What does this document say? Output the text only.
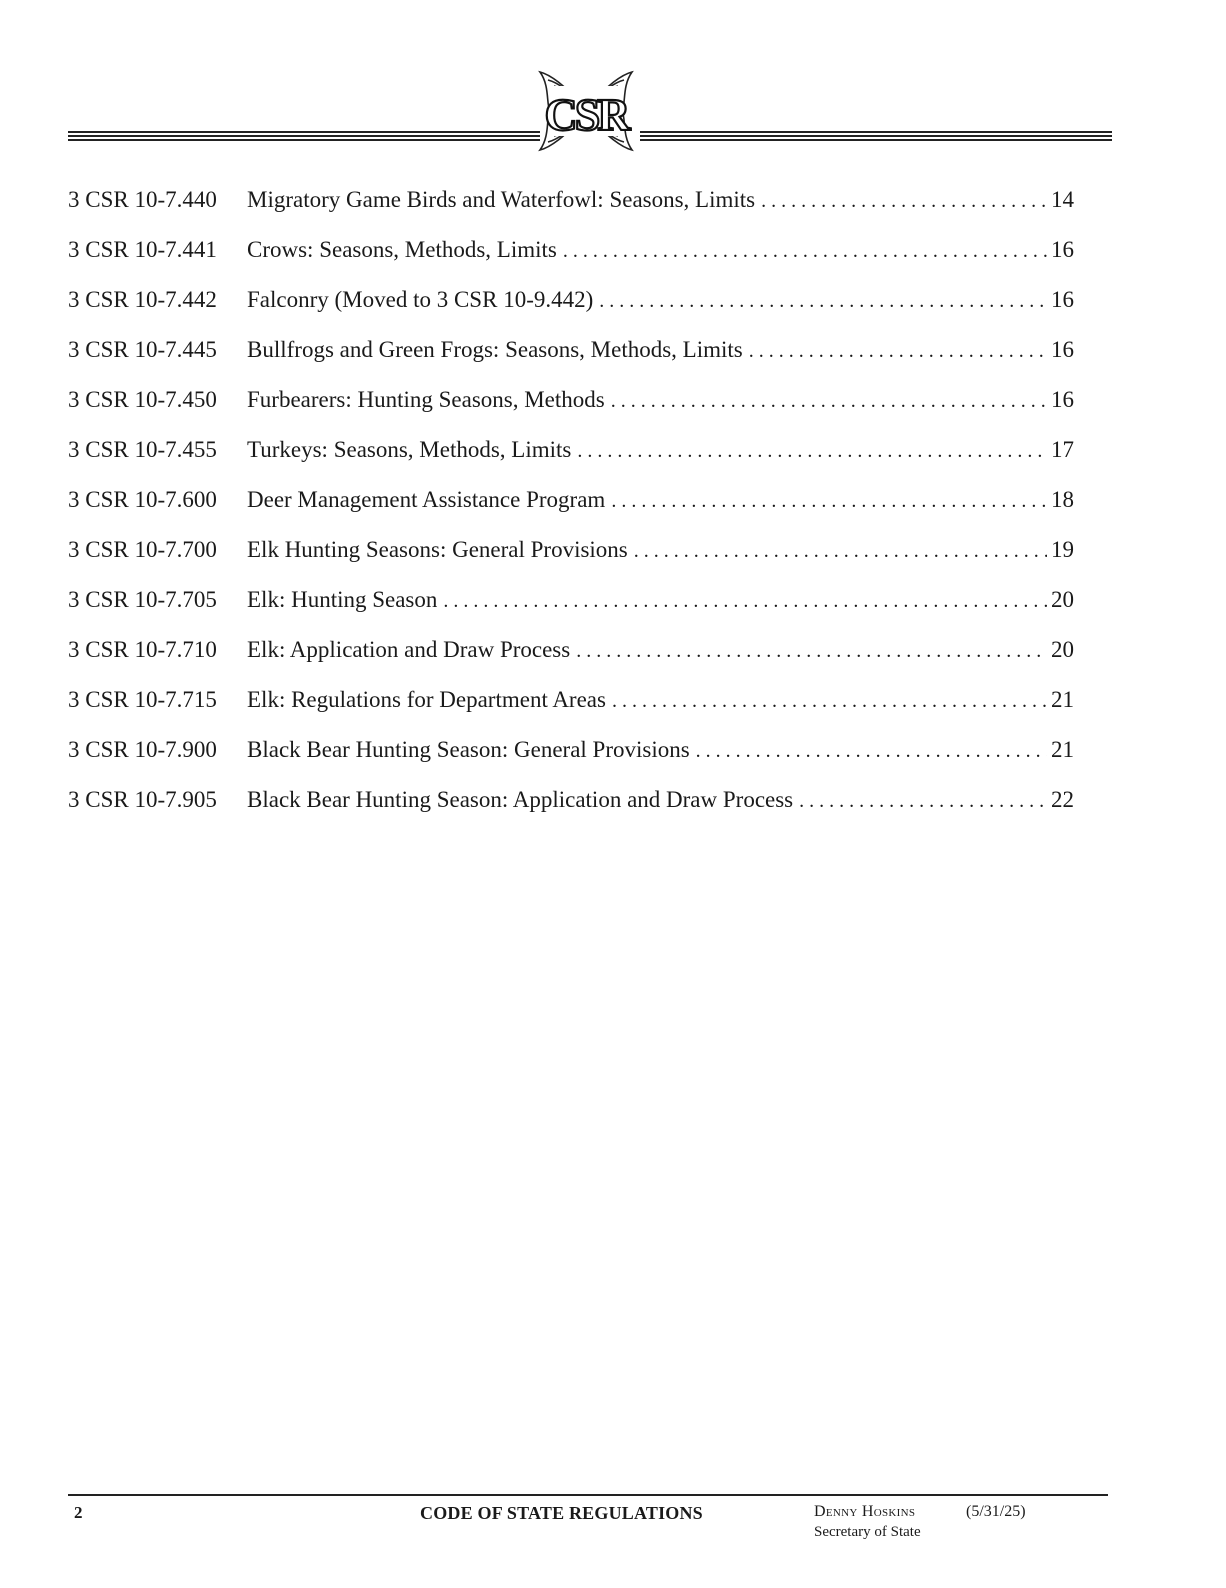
CSR
3 CSR 10-7.440	Migratory Game Birds and Waterfowl: Seasons, Limits . . .	14
3 CSR 10-7.441	Crows: Seasons, Methods, Limits . . .	16
3 CSR 10-7.442	Falconry (Moved to 3 CSR 10-9.442) . . .	16
3 CSR 10-7.445	Bullfrogs and Green Frogs: Seasons, Methods, Limits . . .	16
3 CSR 10-7.450	Furbearers: Hunting Seasons, Methods . . .	16
3 CSR 10-7.455	Turkeys: Seasons, Methods, Limits . . .	17
3 CSR 10-7.600	Deer Management Assistance Program . . .	18
3 CSR 10-7.700	Elk Hunting Seasons: General Provisions . . .	19
3 CSR 10-7.705	Elk: Hunting Season . . .	20
3 CSR 10-7.710	Elk: Application and Draw Process . . .	20
3 CSR 10-7.715	Elk: Regulations for Department Areas . . .	21
3 CSR 10-7.900	Black Bear Hunting Season: General Provisions . . .	21
3 CSR 10-7.905	Black Bear Hunting Season: Application and Draw Process . . .	22
2	CODE OF STATE REGULATIONS	Denny Hoskins	(5/31/25)
Secretary of State
